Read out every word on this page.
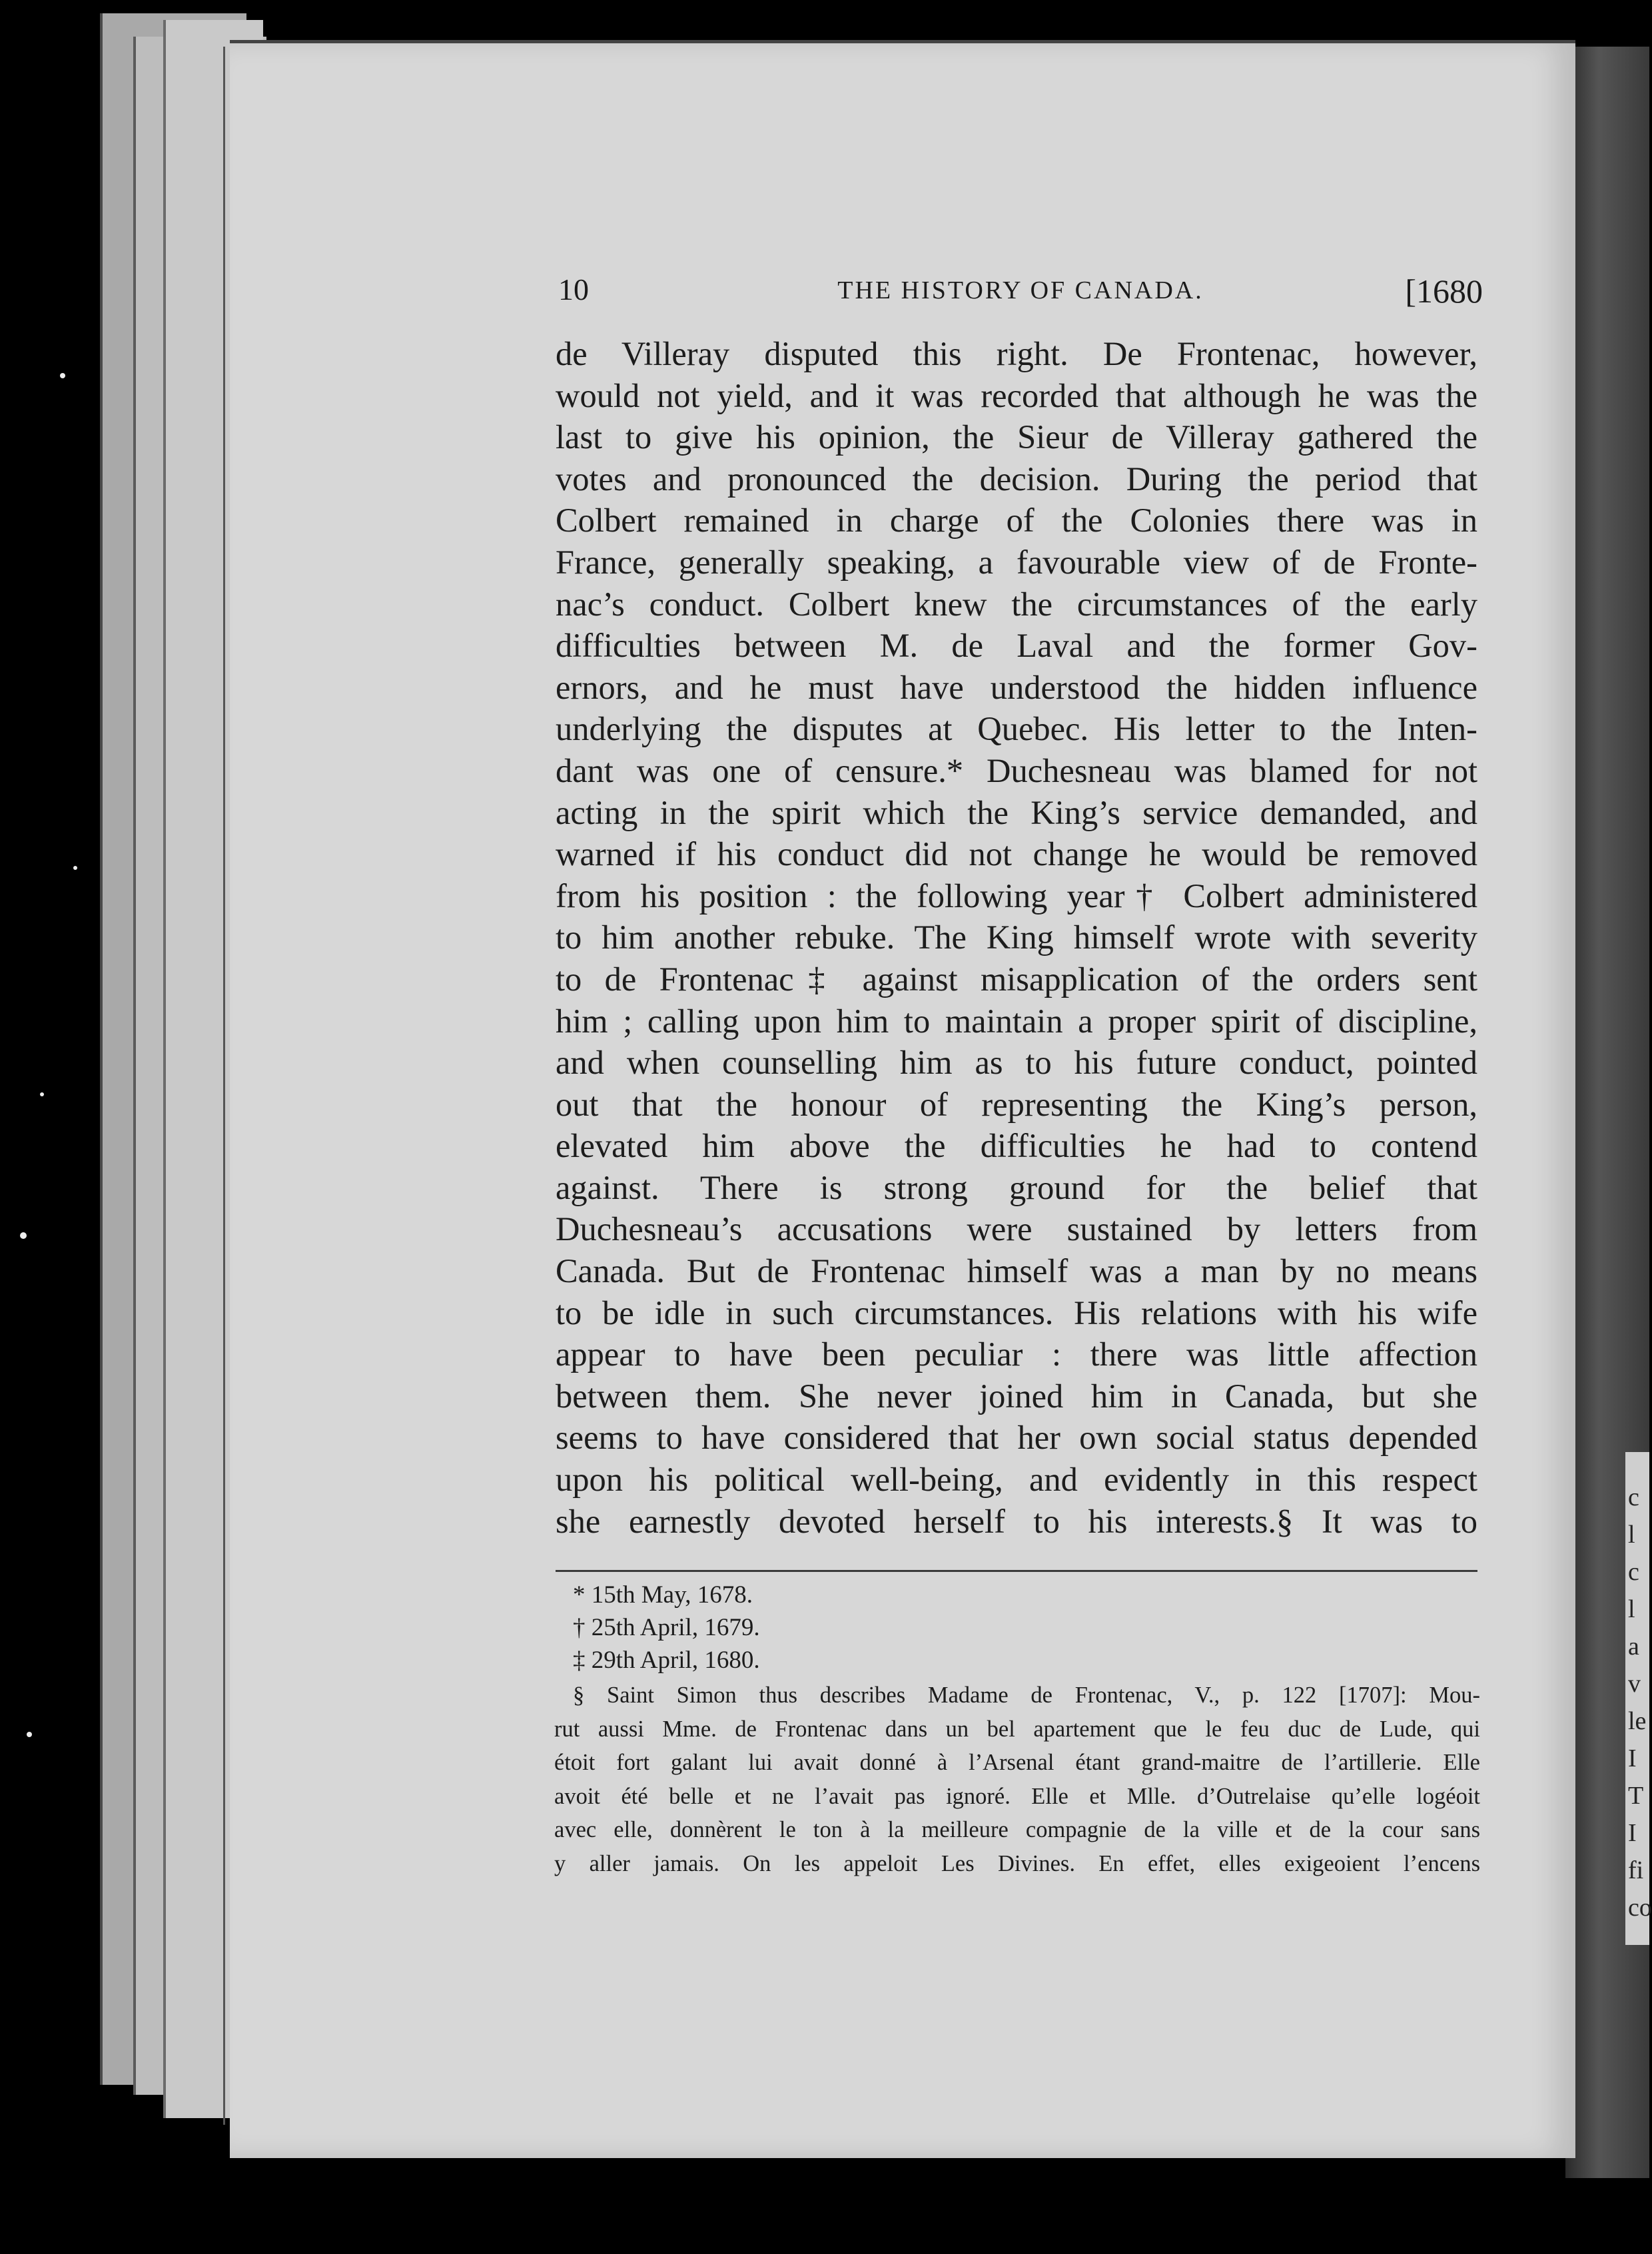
c
l
c
l
a
v
le
I
T
I
fi
co
10	THE HISTORY OF CANADA.	[1680
de Villeray disputed this right. De Frontenac, however,
would not yield, and it was recorded that although he was the
last to give his opinion, the Sieur de Villeray gathered the
votes and pronounced the decision. During the period that
Colbert remained in charge of the Colonies there was in
France, generally speaking, a favourable view of de Fronte-
nac’s conduct. Colbert knew the circumstances of the early
difficulties between M. de Laval and the former Gov-
ernors, and he must have understood the hidden influence
underlying the disputes at Quebec. His letter to the Inten-
dant was one of censure.* Duchesneau was blamed for not
acting in the spirit which the King’s service demanded, and
warned if his conduct did not change he would be removed
from his position : the following year† Colbert administered
to him another rebuke. The King himself wrote with severity
to de Frontenac‡ against misapplication of the orders sent
him ; calling upon him to maintain a proper spirit of discipline,
and when counselling him as to his future conduct, pointed
out that the honour of representing the King’s person,
elevated him above the difficulties he had to contend
against. There is strong ground for the belief that
Duchesneau’s accusations were sustained by letters from
Canada. But de Frontenac himself was a man by no means
to be idle in such circumstances. His relations with his wife
appear to have been peculiar : there was little affection
between them. She never joined him in Canada, but she
seems to have considered that her own social status depended
upon his political well-being, and evidently in this respect
she earnestly devoted herself to his interests.§ It was to
* 15th May, 1678.
† 25th April, 1679.
‡ 29th April, 1680.
§ Saint Simon thus describes Madame de Frontenac, V., p. 122 [1707]: Mou-
rut aussi Mme. de Frontenac dans un bel apartement que le feu duc de Lude, qui
étoit fort galant lui avait donné à l’Arsenal étant grand-maitre de l’artillerie. Elle
avoit été belle et ne l’avait pas ignoré. Elle et Mlle. d’Outrelaise qu’elle logéoit
avec elle, donnèrent le ton à la meilleure compagnie de la ville et de la cour sans
y aller jamais. On les appeloit Les Divines. En effet, elles exigeoient l’encens
